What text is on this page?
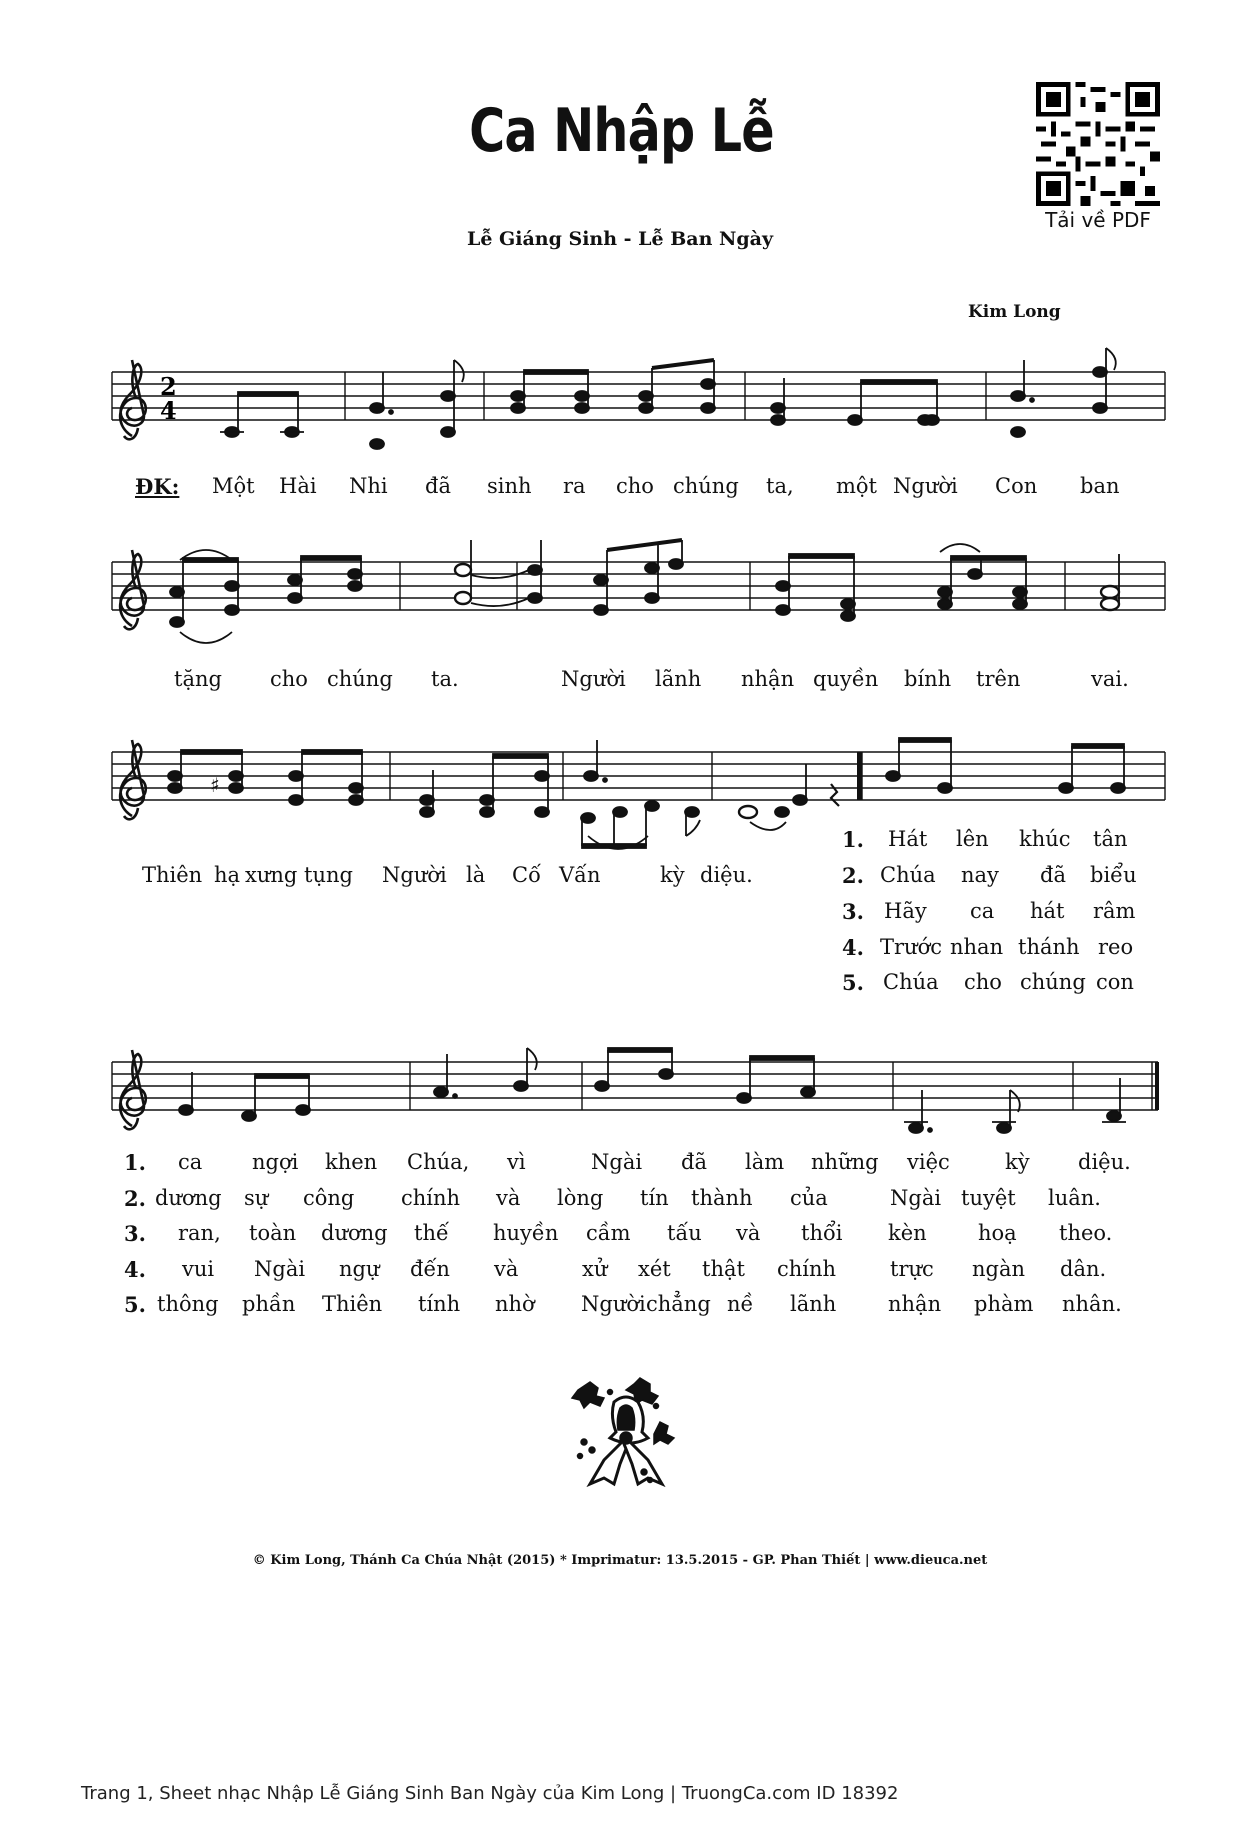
Ca Nhập Lễ
Lễ Giáng Sinh - Lễ Ban Ngày
Kim Long
Tải về PDF
2
4
♯
ĐK: Một Hài Nhi đã sinh ra cho chúng ta, một Người Con ban
tặng cho chúng ta.	Người lãnh nhận quyền bính trên	vai.
Thiên hạ xưng tụng Người là Cố Vấn	kỳ diệu.
1. Hát lên khúc tân
2. Chúa nay đã biểu
3. Hãy ca hát râm
4. Trước nhan thánh reo
5. Chúa cho chúng con
1. ca ngợi khen Chúa, vì	Ngài đã làm những việc	kỳ diệu.
2. dương sự công chính và lòng tín thành của	Ngài tuyệt luân.
3. ran, toàn dương thế huyền cầm tấu và thổi kèn hoạ theo.
4. vui Ngài ngự đến và	xử xét thật chính	trực ngàn dân.
5. thông phần Thiên tính nhờ Người chẳng nề lãnh nhận phàm nhân.
© Kim Long, Thánh Ca Chúa Nhật (2015) * Imprimatur: 13.5.2015 - GP. Phan Thiết | www.dieuca.net
Trang 1, Sheet nhạc Nhập Lễ Giáng Sinh Ban Ngày của Kim Long | TruongCa.com ID 18392
